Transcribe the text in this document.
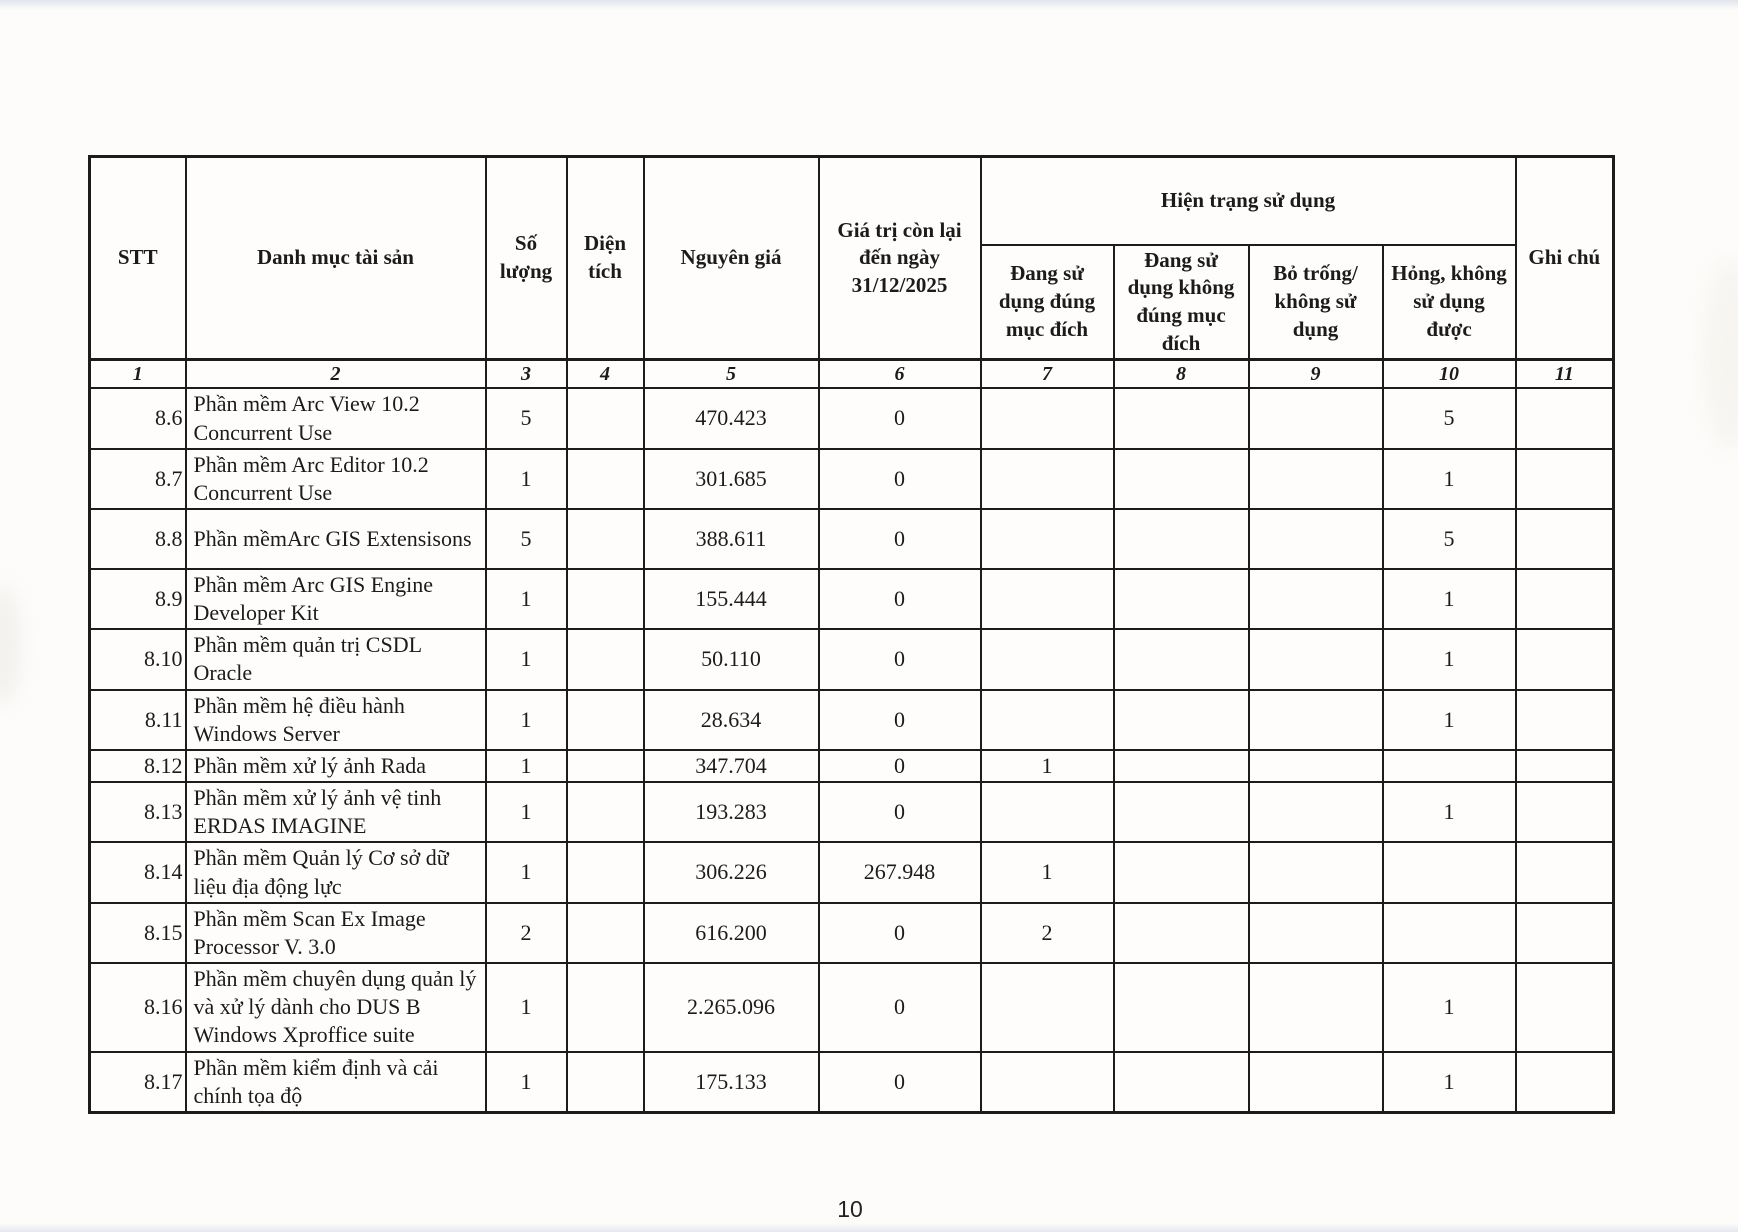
STT	Danh mục tài sản	Số lượng	Diện tích	Nguyên giá	Giá trị còn lại đến ngày 31/12/2025	Hiện trạng sử dụng				Ghi chú
						Đang sử dụng đúng mục đích	Đang sử dụng không đúng mục đích	Bỏ trống/ không sử dụng	Hỏng, không sử dụng được	
1	2	3	4	5	6	7	8	9	10	11
8.6	Phần mềm Arc View 10.2 Concurrent Use	5		470.423	0				5	
8.7	Phần mềm Arc Editor 10.2 Concurrent Use	1		301.685	0				1	
8.8	Phần mềmArc GIS Extensisons	5		388.611	0				5	
8.9	Phần mềm Arc GIS Engine Developer Kit	1		155.444	0				1	
8.10	Phần mềm quản trị CSDL Oracle	1		50.110	0				1	
8.11	Phần mềm hệ điều hành Windows Server	1		28.634	0				1	
8.12	Phần mềm xử lý ảnh Rada	1		347.704	0	1				
8.13	Phần mềm xử lý ảnh vệ tinh ERDAS IMAGINE	1		193.283	0				1	
8.14	Phần mềm Quản lý Cơ sở dữ liệu địa động lực	1		306.226	267.948	1				
8.15	Phần mềm Scan Ex Image Processor V. 3.0	2		616.200	0	2				
8.16	Phần mềm chuyên dụng quản lý và xử lý dành cho DUS B Windows Xproffice suite	1		2.265.096	0				1	
8.17	Phần mềm kiểm định và cải chính tọa độ	1		175.133	0				1	
10
